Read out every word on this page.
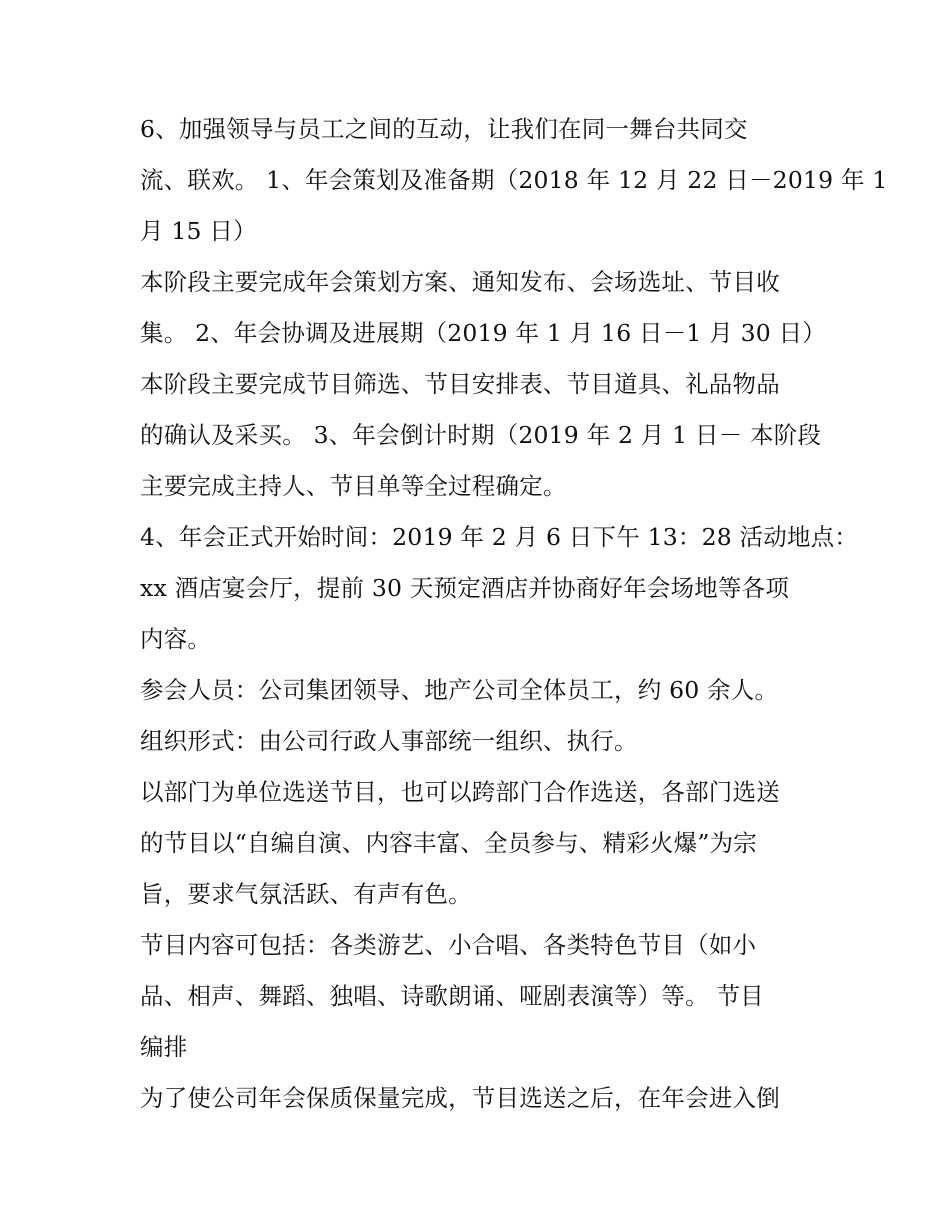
6、加强领导与员工之间的互动，让我们在同一舞台共同交
流、联欢。 1、年会策划及准备期（2018 年 12 月 22 日－2019 年 1
月 15 日）
本阶段主要完成年会策划方案、通知发布、会场选址、节目收
集。 2、年会协调及进展期（2019 年 1 月 16 日－1 月 30 日）
本阶段主要完成节目筛选、节目安排表、节目道具、礼品物品
的确认及采买。 3、年会倒计时期（2019 年 2 月 1 日－ 本阶段
主要完成主持人、节目单等全过程确定。
4、年会正式开始时间：2019 年 2 月 6 日下午 13：28 活动地点：
xx 酒店宴会厅，提前 30 天预定酒店并协商好年会场地等各项
内容。
参会人员：公司集团领导、地产公司全体员工，约 60 余人。
组织形式：由公司行政人事部统一组织、执行。
以部门为单位选送节目，也可以跨部门合作选送，各部门选送
的节目以“自编自演、内容丰富、全员参与、精彩火爆”为宗
旨，要求气氛活跃、有声有色。
节目内容可包括：各类游艺、小合唱、各类特色节目（如小
品、相声、舞蹈、独唱、诗歌朗诵、哑剧表演等）等。 节目
编排
为了使公司年会保质保量完成，节目选送之后，在年会进入倒
